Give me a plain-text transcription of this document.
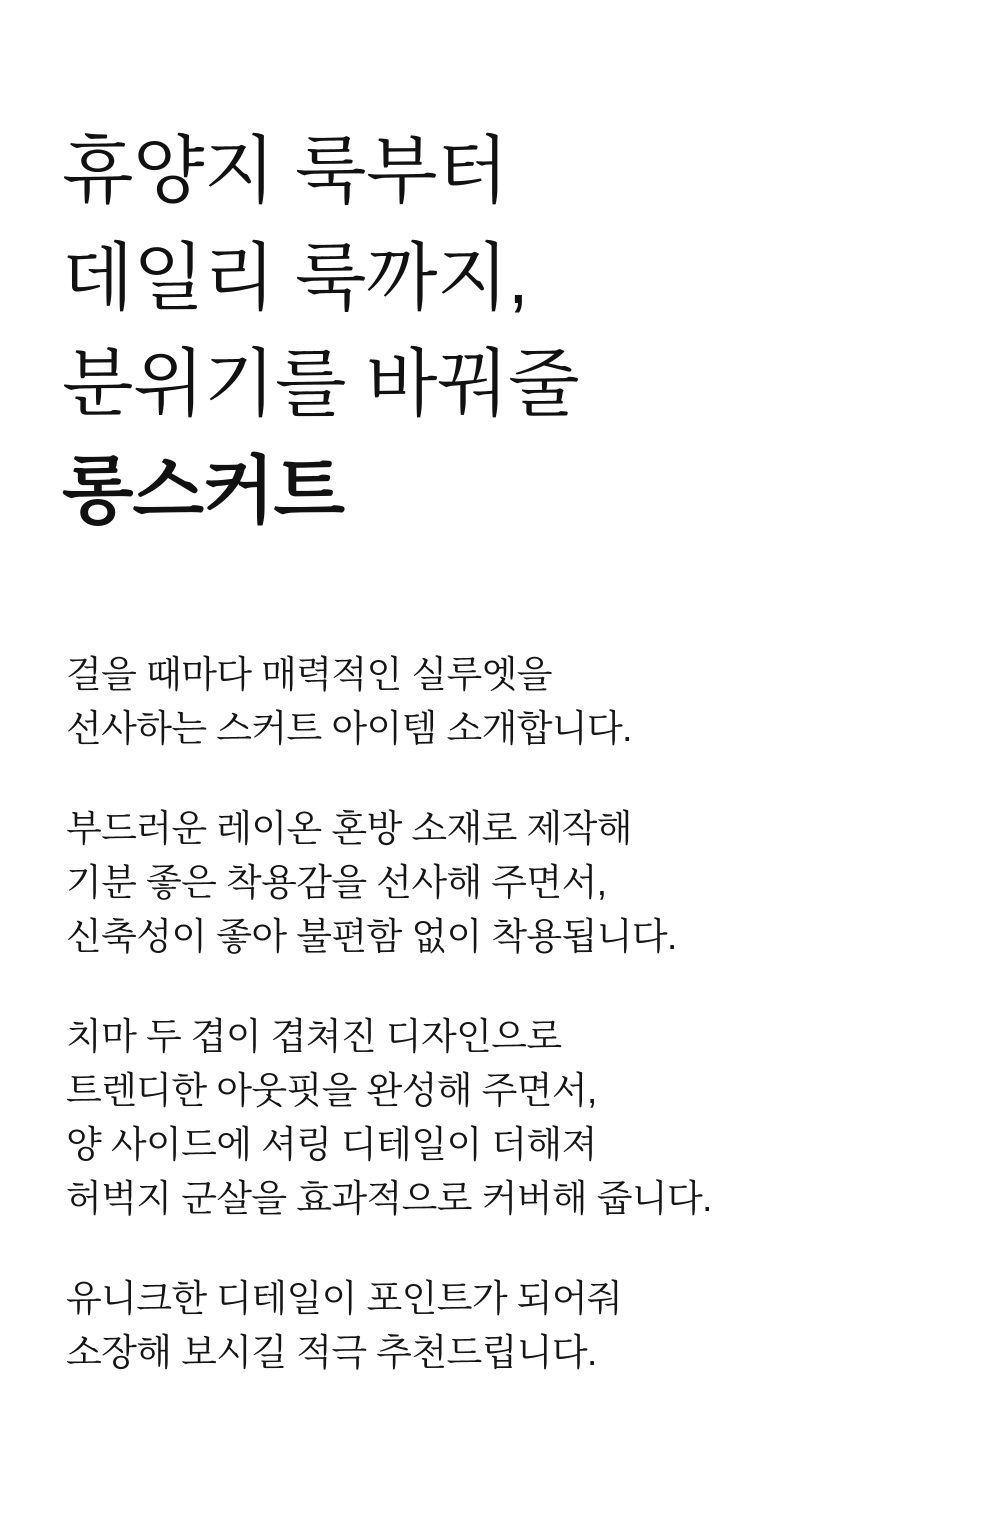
휴양지 룩부터
데일리 룩까지,
분위기를 바꿔줄
롱스커트
걸을 때마다 매력적인 실루엣을
선사하는 스커트 아이템 소개합니다.
부드러운 레이온 혼방 소재로 제작해
기분 좋은 착용감을 선사해 주면서,
신축성이 좋아 불편함 없이 착용됩니다.
치마 두 겹이 겹쳐진 디자인으로
트렌디한 아웃핏을 완성해 주면서,
양 사이드에 셔링 디테일이 더해져
허벅지 군살을 효과적으로 커버해 줍니다.
유니크한 디테일이 포인트가 되어줘
소장해 보시길 적극 추천드립니다.
